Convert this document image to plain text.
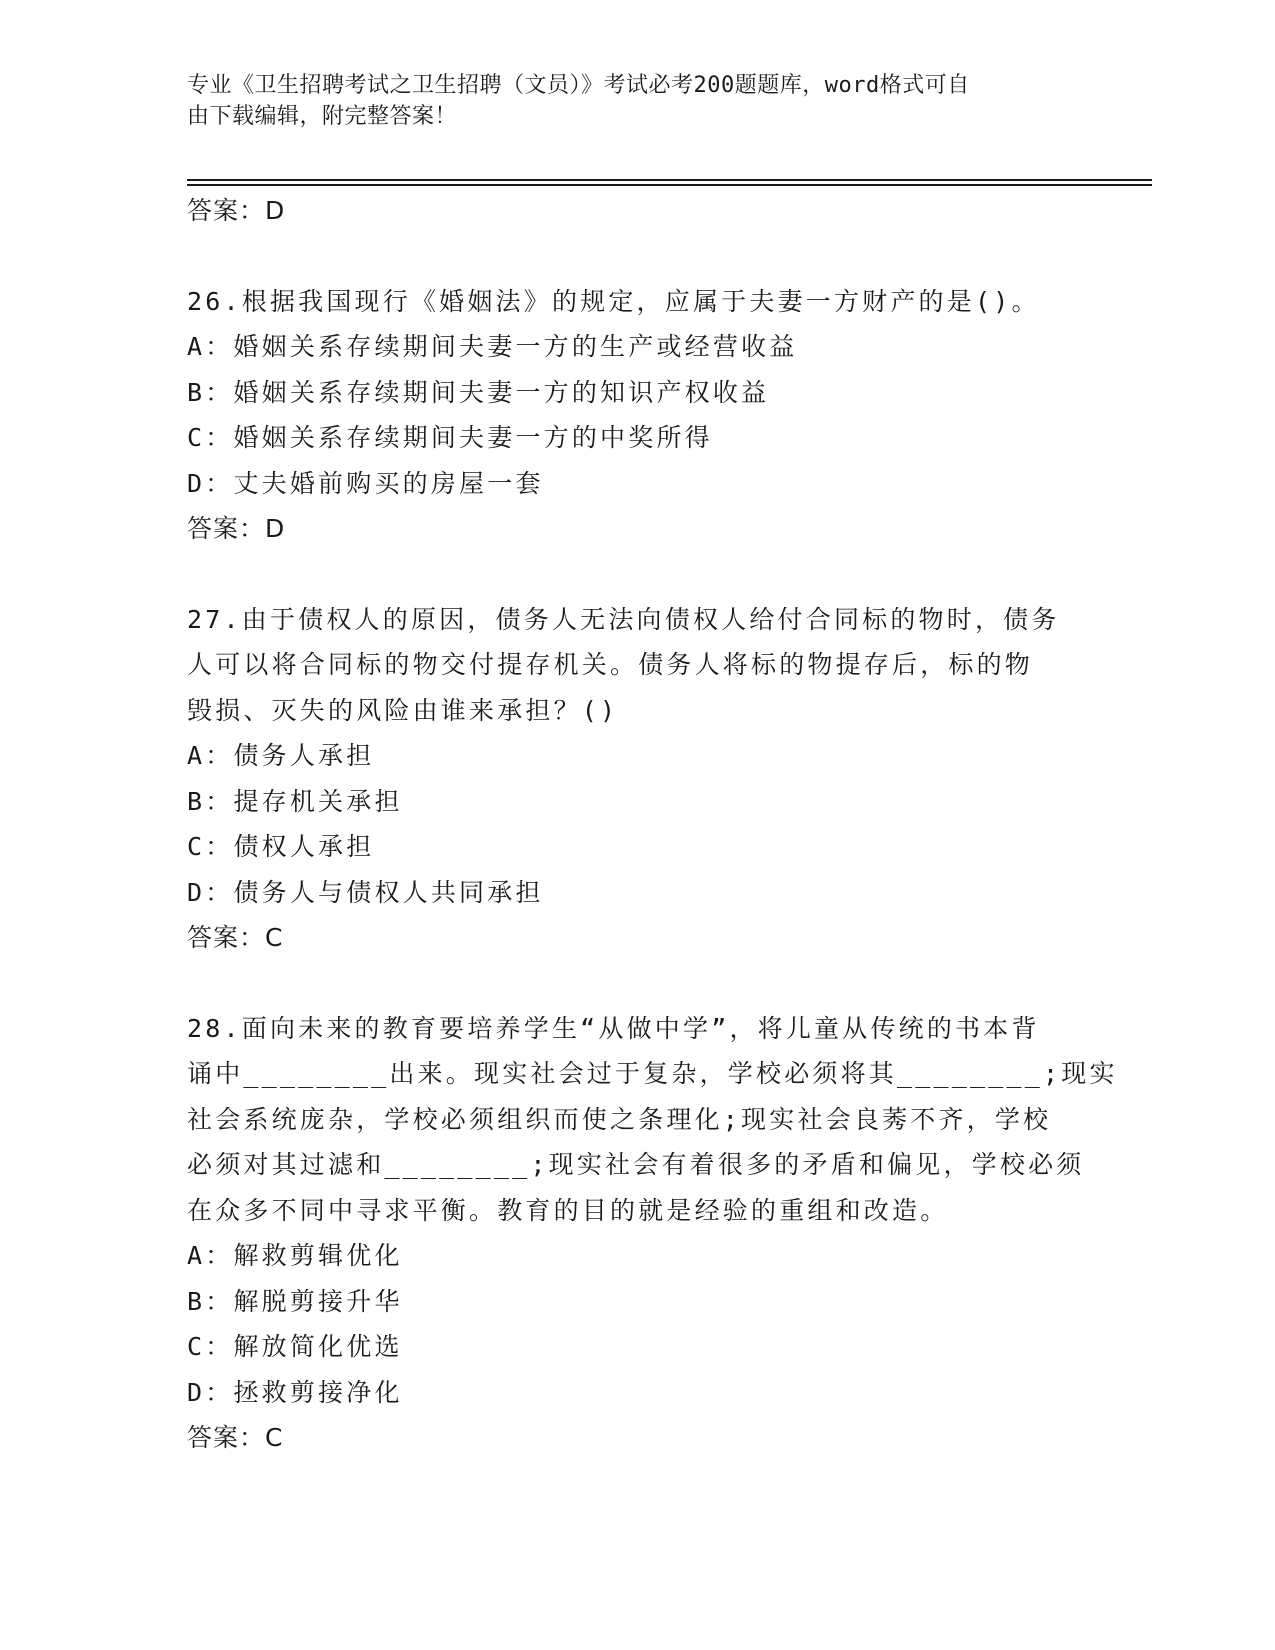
专业《卫生招聘考试之卫生招聘（文员）》考试必考200题题库，word格式可自
由下载编辑，附完整答案！
答案：D
26.根据我国现行《婚姻法》的规定，应属于夫妻一方财产的是()。
A：婚姻关系存续期间夫妻一方的生产或经营收益
B：婚姻关系存续期间夫妻一方的知识产权收益
C：婚姻关系存续期间夫妻一方的中奖所得
D：丈夫婚前购买的房屋一套
答案：D
27.由于债权人的原因，债务人无法向债权人给付合同标的物时，债务
人可以将合同标的物交付提存机关。债务人将标的物提存后，标的物
毁损、灭失的风险由谁来承担？()
A：债务人承担
B：提存机关承担
C：债权人承担
D：债务人与债权人共同承担
答案：C
28.面向未来的教育要培养学生“从做中学”，将儿童从传统的书本背
诵中________出来。现实社会过于复杂，学校必须将其________;现实
社会系统庞杂，学校必须组织而使之条理化;现实社会良莠不齐，学校
必须对其过滤和________;现实社会有着很多的矛盾和偏见，学校必须
在众多不同中寻求平衡。教育的目的就是经验的重组和改造。
A：解救剪辑优化
B：解脱剪接升华
C：解放简化优选
D：拯救剪接净化
答案：C
